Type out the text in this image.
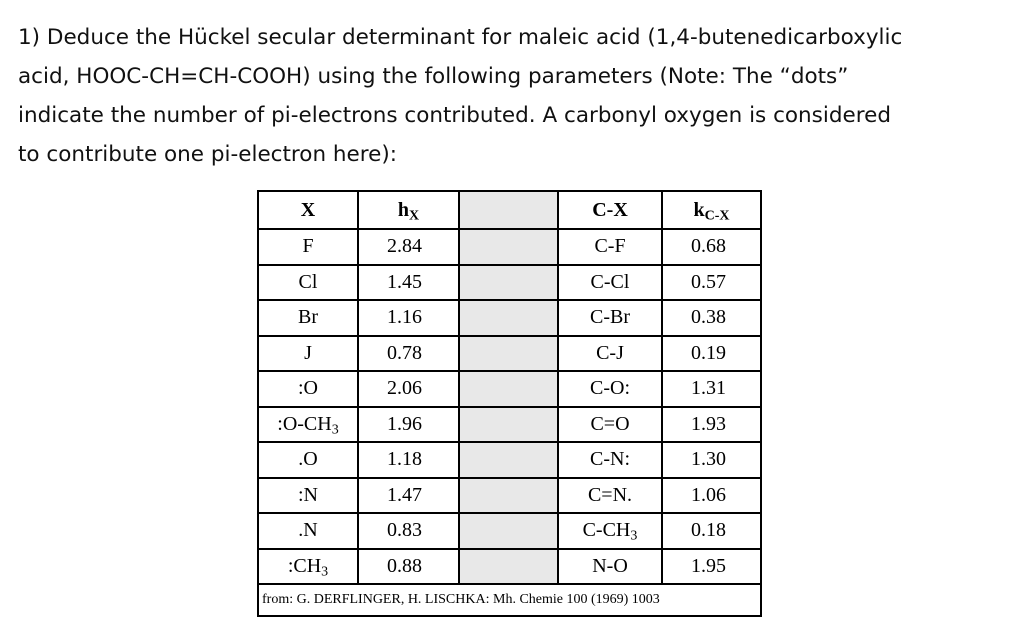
1) Deduce the Hückel secular determinant for maleic acid (1,4-butenedicarboxylic
acid, HOOC-CH=CH-COOH) using the following parameters (Note: The “dots”
indicate the number of pi-electrons contributed. A carbonyl oxygen is considered
to contribute one pi-electron here):
X	$h_X$		C-X	$k_{C-X}$
F	2.84		C-F	0.68
Cl	1.45		C-Cl	0.57
Br	1.16		C-Br	0.38
J	0.78		C-J	0.19
:O	2.06		C-O:	1.31
$:O-CH_3$	1.96		C=O	1.93
.O	1.18		C-N:	1.30
:N	1.47		C=N.	1.06
.N	0.83		$C-CH_3$	0.18
$:CH_3$	0.88		N-O	1.95
from: G. DERFLINGER, H. LISCHKA: Mh. Chemie 100 (1969) 1003				
